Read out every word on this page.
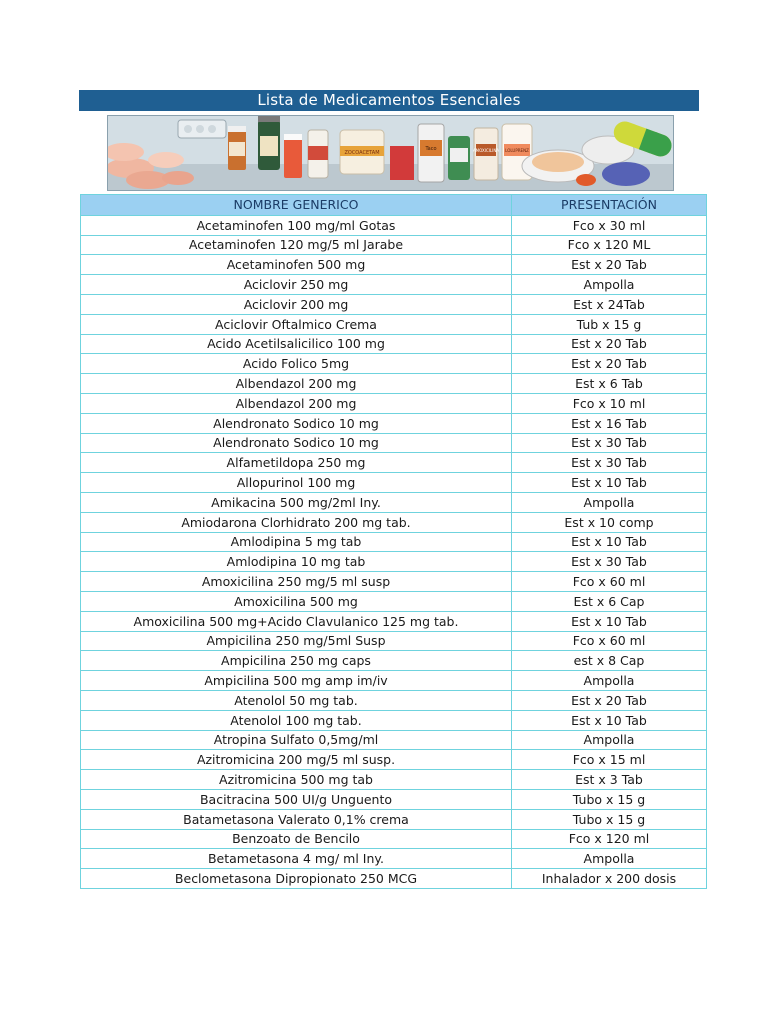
Lista de Medicamentos Esenciales
ZOCOACETAM
Taco	AMOXICILINA LOLUPRENZ
NOMBRE GENERICO	PRESENTACIÓN
Acetaminofen 100 mg/ml Gotas	Fco x 30 ml
Acetaminofen 120 mg/5 ml Jarabe	Fco x 120 ML
Acetaminofen 500 mg	Est x 20 Tab
Aciclovir 250 mg	Ampolla
Aciclovir 200 mg	Est x 24Tab
Aciclovir Oftalmico Crema	Tub x 15 g
Acido Acetilsalicilico 100 mg	Est x 20 Tab
Acido Folico 5mg	Est x 20 Tab
Albendazol 200 mg	Est x 6 Tab
Albendazol 200 mg	Fco x 10 ml
Alendronato Sodico 10 mg	Est x 16 Tab
Alendronato Sodico 10 mg	Est x 30 Tab
Alfametildopa 250 mg	Est x 30 Tab
Allopurinol 100 mg	Est x 10 Tab
Amikacina 500 mg/2ml Iny.	Ampolla
Amiodarona Clorhidrato 200 mg tab.	Est x 10 comp
Amlodipina 5 mg tab	Est x 10 Tab
Amlodipina 10 mg tab	Est x 30 Tab
Amoxicilina 250 mg/5 ml susp	Fco x 60 ml
Amoxicilina 500 mg	Est x 6 Cap
Amoxicilina 500 mg+Acido Clavulanico 125 mg tab.	Est x 10 Tab
Ampicilina 250 mg/5ml Susp	Fco x 60 ml
Ampicilina 250 mg caps	est x 8 Cap
Ampicilina 500 mg amp im/iv	Ampolla
Atenolol 50 mg tab.	Est x 20 Tab
Atenolol 100 mg tab.	Est x 10 Tab
Atropina Sulfato 0,5mg/ml	Ampolla
Azitromicina 200 mg/5 ml susp.	Fco x 15 ml
Azitromicina 500 mg tab	Est x 3 Tab
Bacitracina 500 UI/g Unguento	Tubo x 15 g
Batametasona Valerato 0,1% crema	Tubo x 15 g
Benzoato de Bencilo	Fco x 120 ml
Betametasona 4 mg/ ml Iny.	Ampolla
Beclometasona Dipropionato 250 MCG	Inhalador x 200 dosis
